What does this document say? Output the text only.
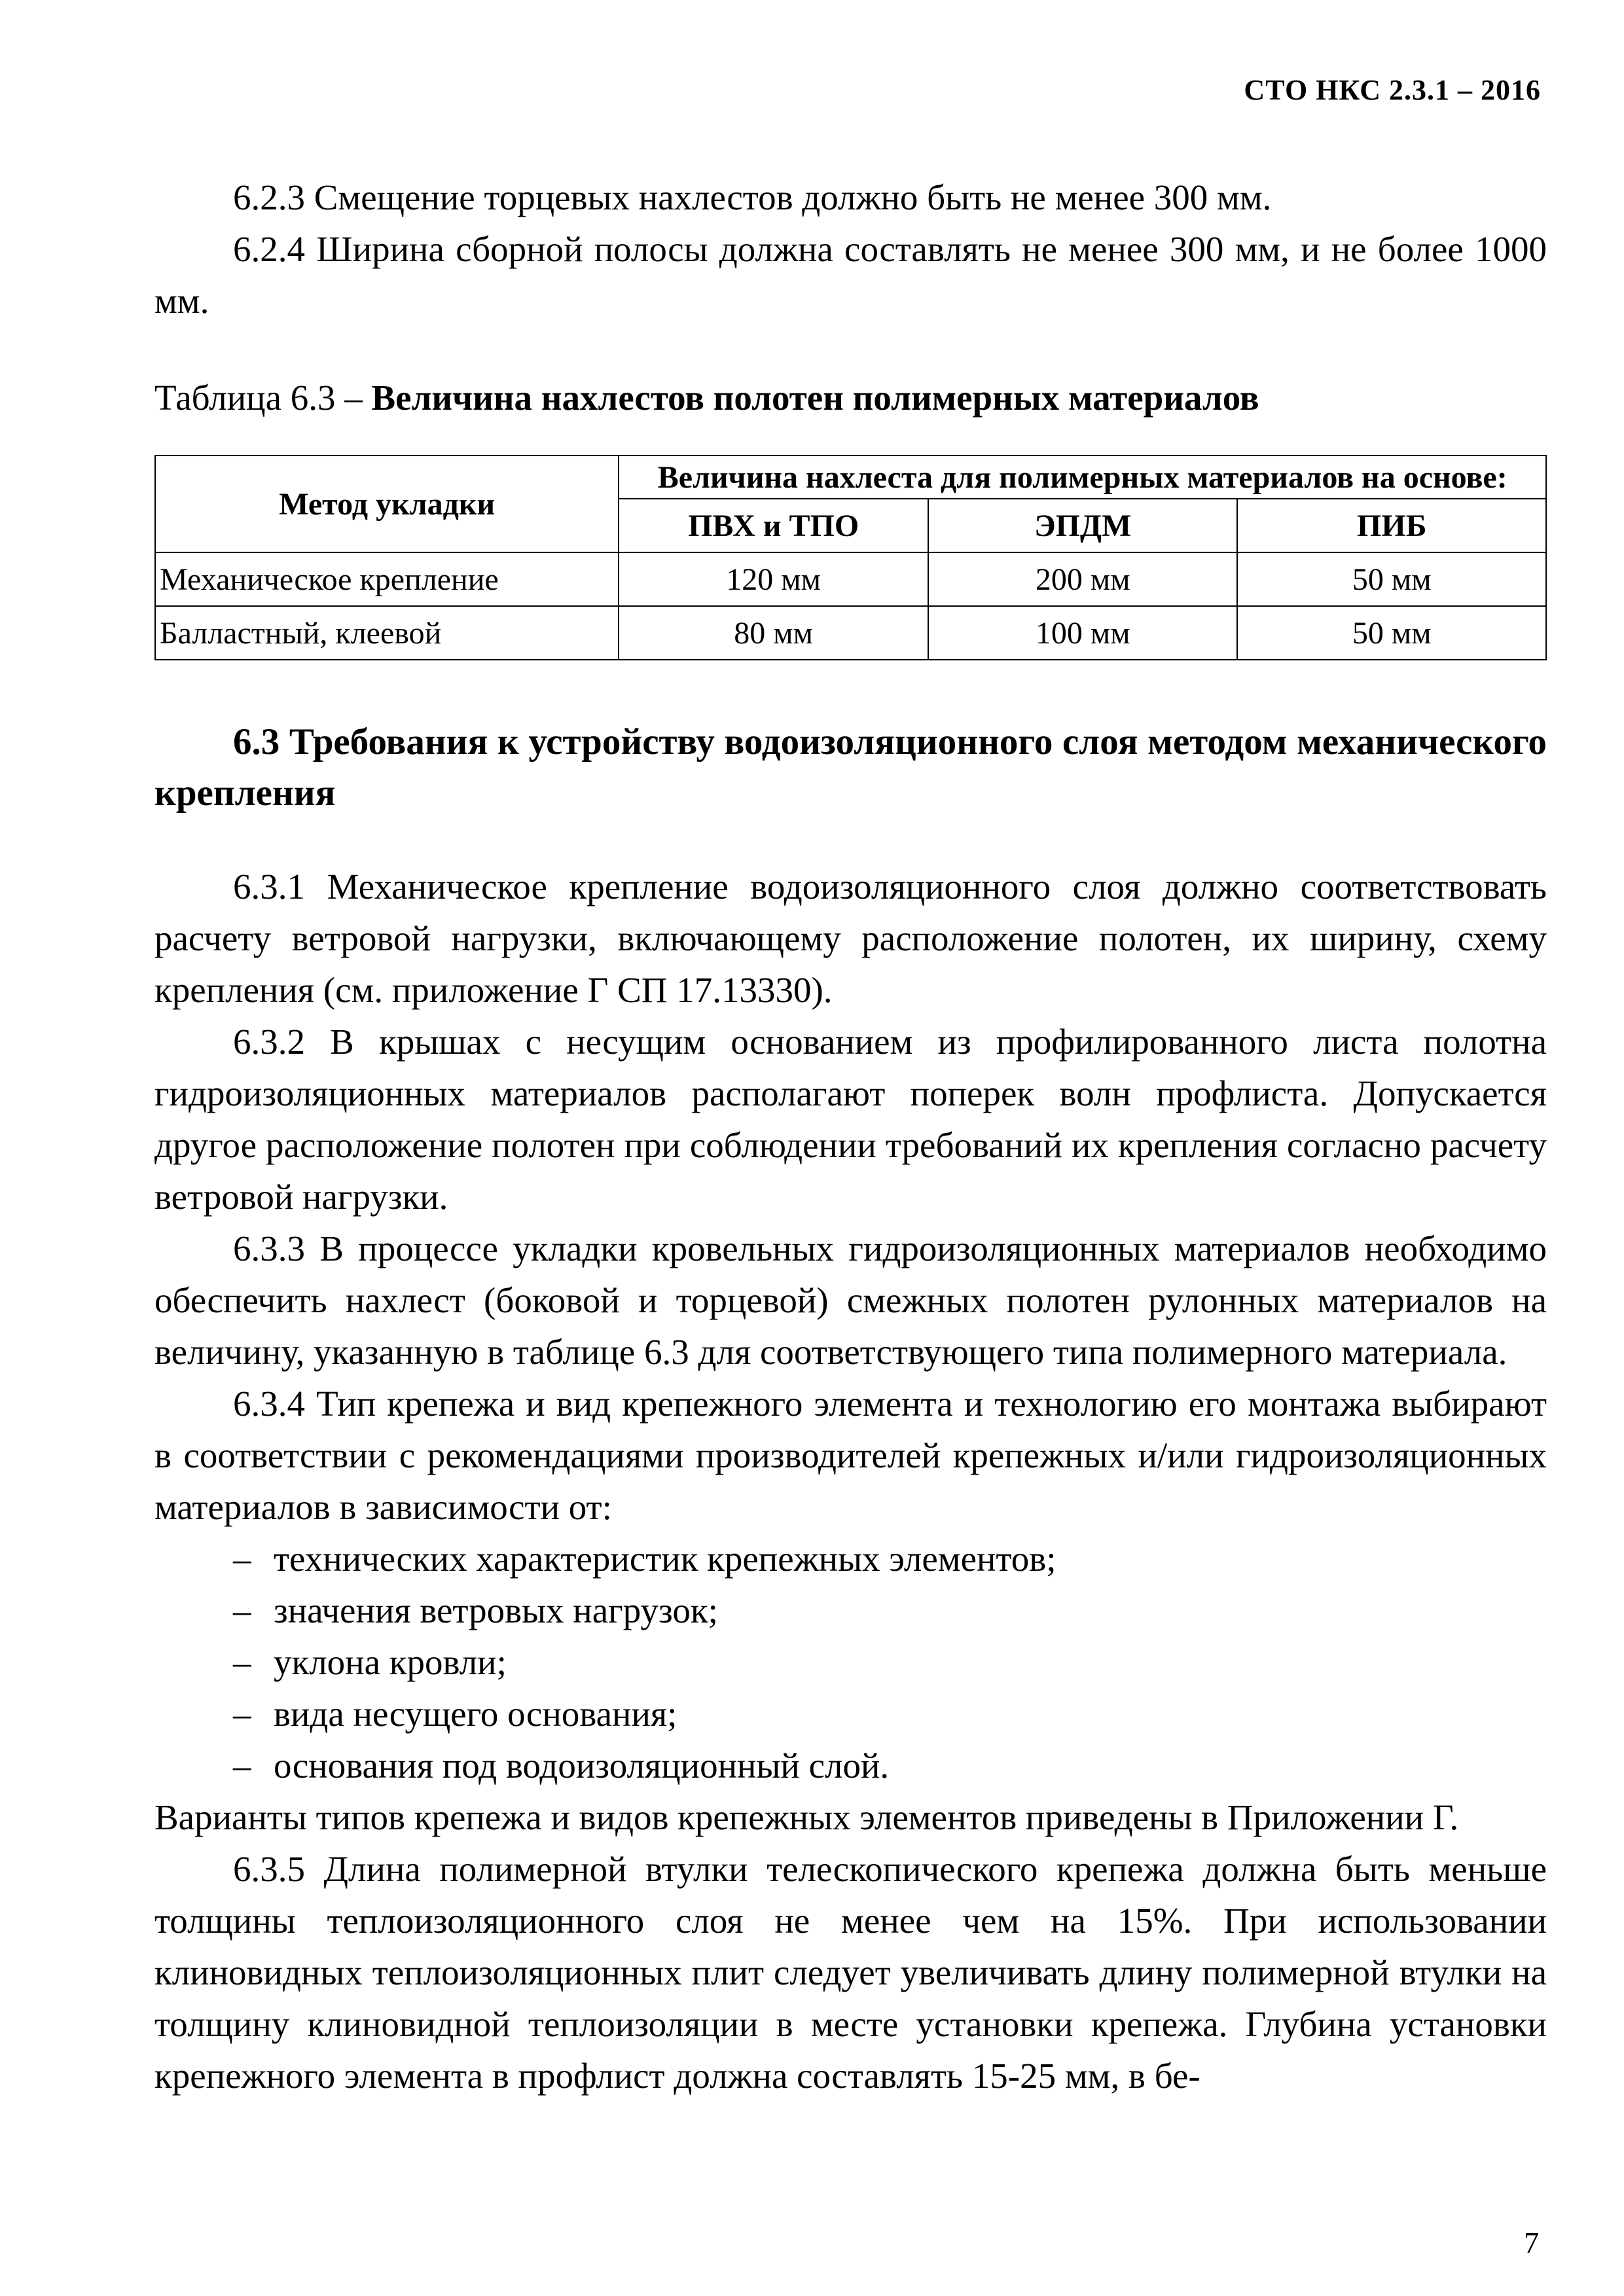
СТО НКС 2.3.1 – 2016

6.2.3 Смещение торцевых нахлестов должно быть не менее 300 мм.

6.2.4 Ширина сборной полосы должна составлять не менее 300 мм, и не более 1000 мм.

Таблица 6.3 – Величина нахлестов полотен полимерных материалов
Метод укладки	Величина нахлеста для полимерных материалов на основе:		
	ПВХ и ТПО	ЭПДМ	ПИБ
Механическое крепление	120 мм	200 мм	50 мм
Балластный, клеевой	80 мм	100 мм	50 мм

6.3 Требования к устройству водоизоляционного слоя методом механического крепления

6.3.1 Механическое крепление водоизоляционного слоя должно соответствовать расчету ветровой нагрузки, включающему расположение полотен, их ширину, схему крепления (см. приложение Г СП 17.13330).

6.3.2 В крышах с несущим основанием из профилированного листа полотна гидроизоляционных материалов располагают поперек волн профлиста. Допускается другое расположение полотен при соблюдении требований их крепления согласно расчету ветровой нагрузки.

6.3.3 В процессе укладки кровельных гидроизоляционных материалов необходимо обеспечить нахлест (боковой и торцевой) смежных полотен рулонных материалов на величину, указанную в таблице 6.3 для соответствующего типа полимерного материала.

6.3.4 Тип крепежа и вид крепежного элемента и технологию его монтажа выбирают в соответствии с рекомендациями производителей крепежных и/или гидроизоляционных материалов в зависимости от:

– технических характеристик крепежных элементов;
– значения ветровых нагрузок;
– уклона кровли;
– вида несущего основания;
– основания под водоизоляционный слой.

Варианты типов крепежа и видов крепежных элементов приведены в Приложении Г.

6.3.5 Длина полимерной втулки телескопического крепежа должна быть меньше толщины теплоизоляционного слоя не менее чем на 15%. При использовании клиновидных теплоизоляционных плит следует увеличивать длину полимерной втулки на толщину клиновидной теплоизоляции в месте установки крепежа. Глубина установки крепежного элемента в профлист должна составлять 15-25 мм, в бе-

7
